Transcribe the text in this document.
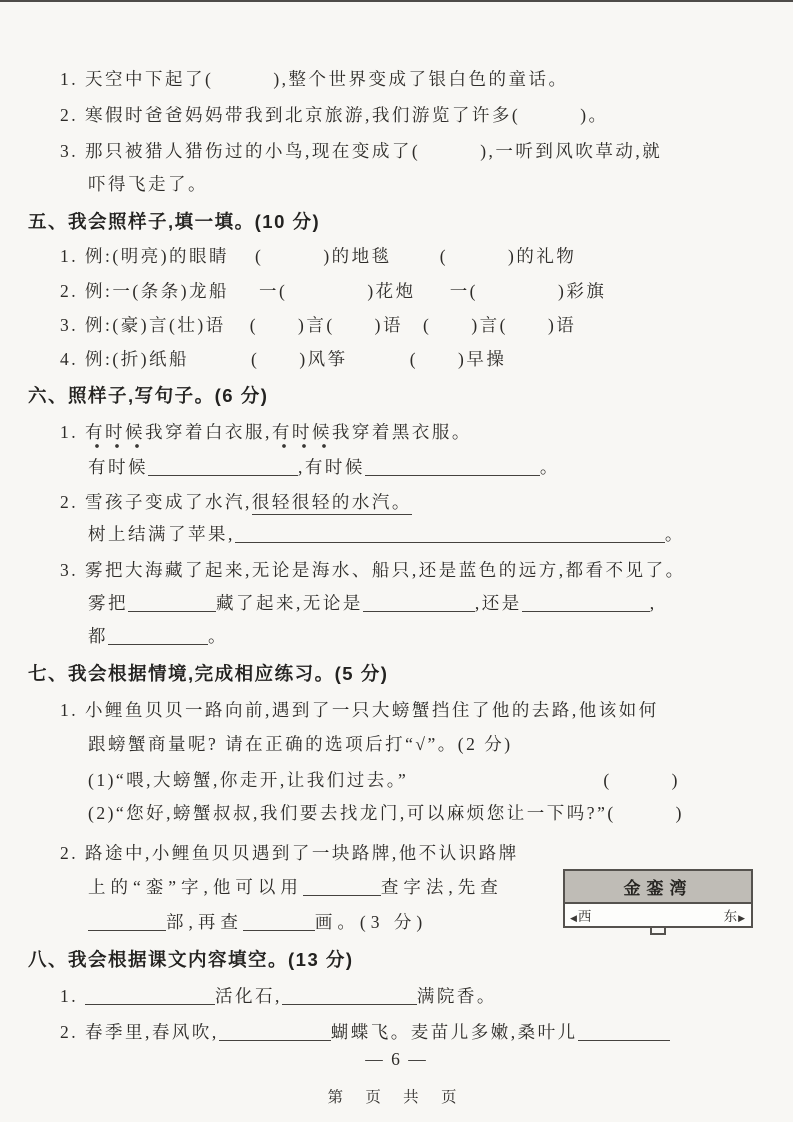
1. 天空中下起了(   ),整个世界变成了银白色的童话。
2. 寒假时爸爸妈妈带我到北京旅游,我们游览了许多(   )。
3. 那只被猎人猎伤过的小鸟,现在变成了(   ),一听到风吹草动,就
吓得飞走了。
五、我会照样子,填一填。(10 分)
1. 例:(明亮)的眼睛 (   )的地毯	(   )的礼物
2. 例:一(条条)龙船 一(    )花炮 一(    )彩旗
3. 例:(豪)言(壮)语 (  )言(  )语 (  )言(  )语
4. 例:(折)纸船	(  )风筝	(  )早操
六、照样子,写句子。(6 分)
1. 有时候我穿着白衣服,有时候我穿着黑衣服。
有时候	,有时候	。
2. 雪孩子变成了水汽,很轻很轻的水汽。
树上结满了苹果,	。
3. 雾把大海藏了起来,无论是海水、船只,还是蓝色的远方,都看不见了。
雾把	藏了起来,无论是	,还是	,
都	。
七、我会根据情境,完成相应练习。(5 分)
1. 小鲤鱼贝贝一路向前,遇到了一只大螃蟹挡住了他的去路,他该如何
跟螃蟹商量呢? 请在正确的选项后打“√”。(2 分)
(1)“喂,大螃蟹,你走开,让我们过去。”	(   )
(2)“您好,螃蟹叔叔,我们要去找龙门,可以麻烦您让一下吗?” (   )
2. 路途中,小鲤鱼贝贝遇到了一块路牌,他不认识路牌
上的“銮”字,他可以用	查字法,先查
部,再查	画。(3 分)
金銮湾
◀西	东▶
八、我会根据课文内容填空。(13 分)
1.	活化石,	满院香。
2. 春季里,春风吹,	蝴蝶飞。麦苗儿多嫩,桑叶儿
— 6 —
第 页 共 页
